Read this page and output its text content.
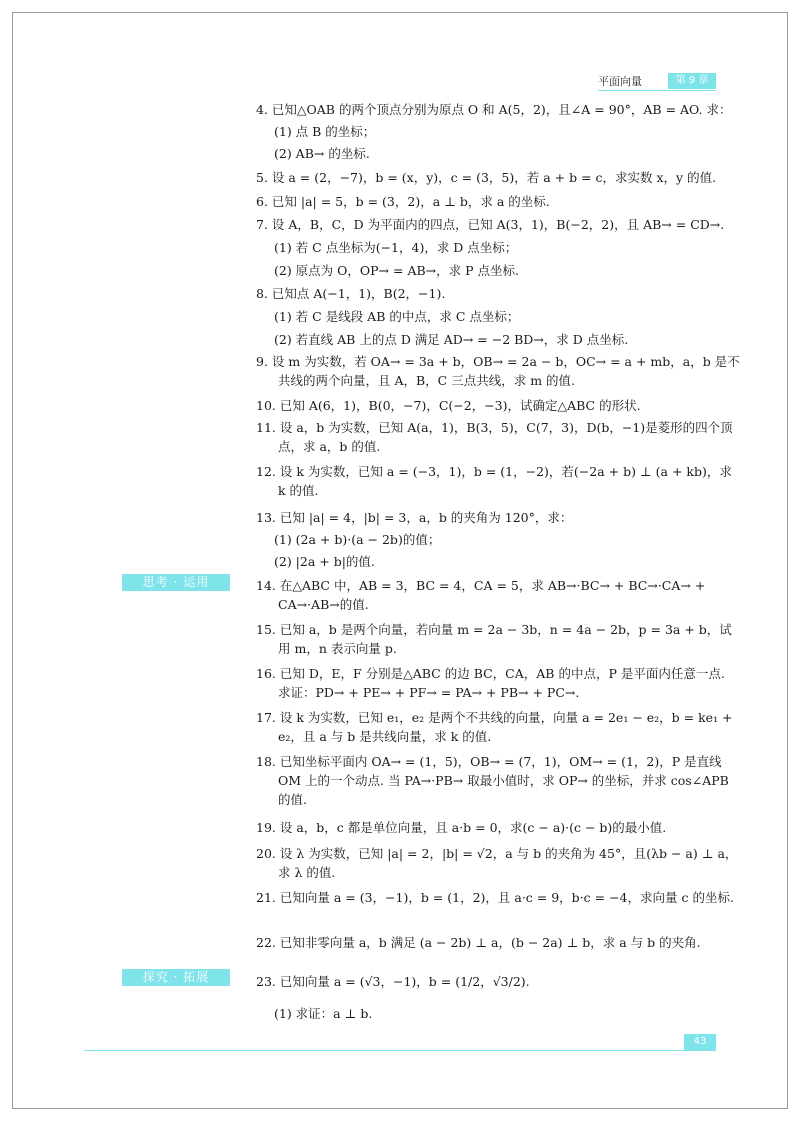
平面向量	第 9 章
思考 · 运用
探究 · 拓展
4. 已知△OAB 的两个顶点分别为原点 O 和 A(5，2)，且∠A = 90°，AB = AO. 求：
(1) 点 B 的坐标；
(2) AB→ 的坐标.
5. 设 a = (2，−7)，b = (x，y)，c = (3，5)，若 a + b = c，求实数 x，y 的值.
6. 已知 |a| = 5，b = (3，2)，a ⊥ b，求 a 的坐标.
7. 设 A，B，C，D 为平面内的四点，已知 A(3，1)，B(−2，2)，且 AB→ = CD→.
(1) 若 C 点坐标为(−1，4)，求 D 点坐标；
(2) 原点为 O，OP→ = AB→，求 P 点坐标.
8. 已知点 A(−1，1)，B(2，−1).
(1) 若 C 是线段 AB 的中点，求 C 点坐标；
(2) 若直线 AB 上的点 D 满足 AD→ = −2 BD→，求 D 点坐标.
9. 设 m 为实数，若 OA→ = 3a + b，OB→ = 2a − b，OC→ = a + mb，a，b 是不共线的两个向量，且 A，B，C 三点共线，求 m 的值.
10. 已知 A(6，1)，B(0，−7)，C(−2，−3)，试确定△ABC 的形状.
11. 设 a，b 为实数，已知 A(a，1)，B(3，5)，C(7，3)，D(b，−1)是菱形的四个顶点，求 a，b 的值.
12. 设 k 为实数，已知 a = (−3，1)，b = (1，−2)，若(−2a + b) ⊥ (a + kb)，求 k 的值.
13. 已知 |a| = 4，|b| = 3，a，b 的夹角为 120°，求：
(1) (2a + b)·(a − 2b)的值；
(2) |2a + b|的值.
14. 在△ABC 中，AB = 3，BC = 4，CA = 5，求 AB→·BC→ + BC→·CA→ + CA→·AB→的值.
15. 已知 a，b 是两个向量，若向量 m = 2a − 3b，n = 4a − 2b，p = 3a + b，试用 m，n 表示向量 p.
16. 已知 D，E，F 分别是△ABC 的边 BC，CA，AB 的中点，P 是平面内任意一点. 求证：PD→ + PE→ + PF→ = PA→ + PB→ + PC→.
17. 设 k 为实数，已知 e₁，e₂ 是两个不共线的向量，向量 a = 2e₁ − e₂，b = ke₁ + e₂，且 a 与 b 是共线向量，求 k 的值.
18. 已知坐标平面内 OA→ = (1，5)，OB→ = (7，1)，OM→ = (1，2)，P 是直线 OM 上的一个动点. 当 PA→·PB→ 取最小值时，求 OP→ 的坐标，并求 cos∠APB 的值.
19. 设 a，b，c 都是单位向量，且 a·b = 0，求(c − a)·(c − b)的最小值.
20. 设 λ 为实数，已知 |a| = 2，|b| = √2，a 与 b 的夹角为 45°，且(λb − a) ⊥ a，求 λ 的值.
21. 已知向量 a = (3，−1)，b = (1，2)，且 a·c = 9，b·c = −4，求向量 c 的坐标.
22. 已知非零向量 a，b 满足 (a − 2b) ⊥ a，(b − 2a) ⊥ b，求 a 与 b 的夹角.
23. 已知向量 a = (√3，−1)，b = (1/2，√3/2).
(1) 求证：a ⊥ b.
43
